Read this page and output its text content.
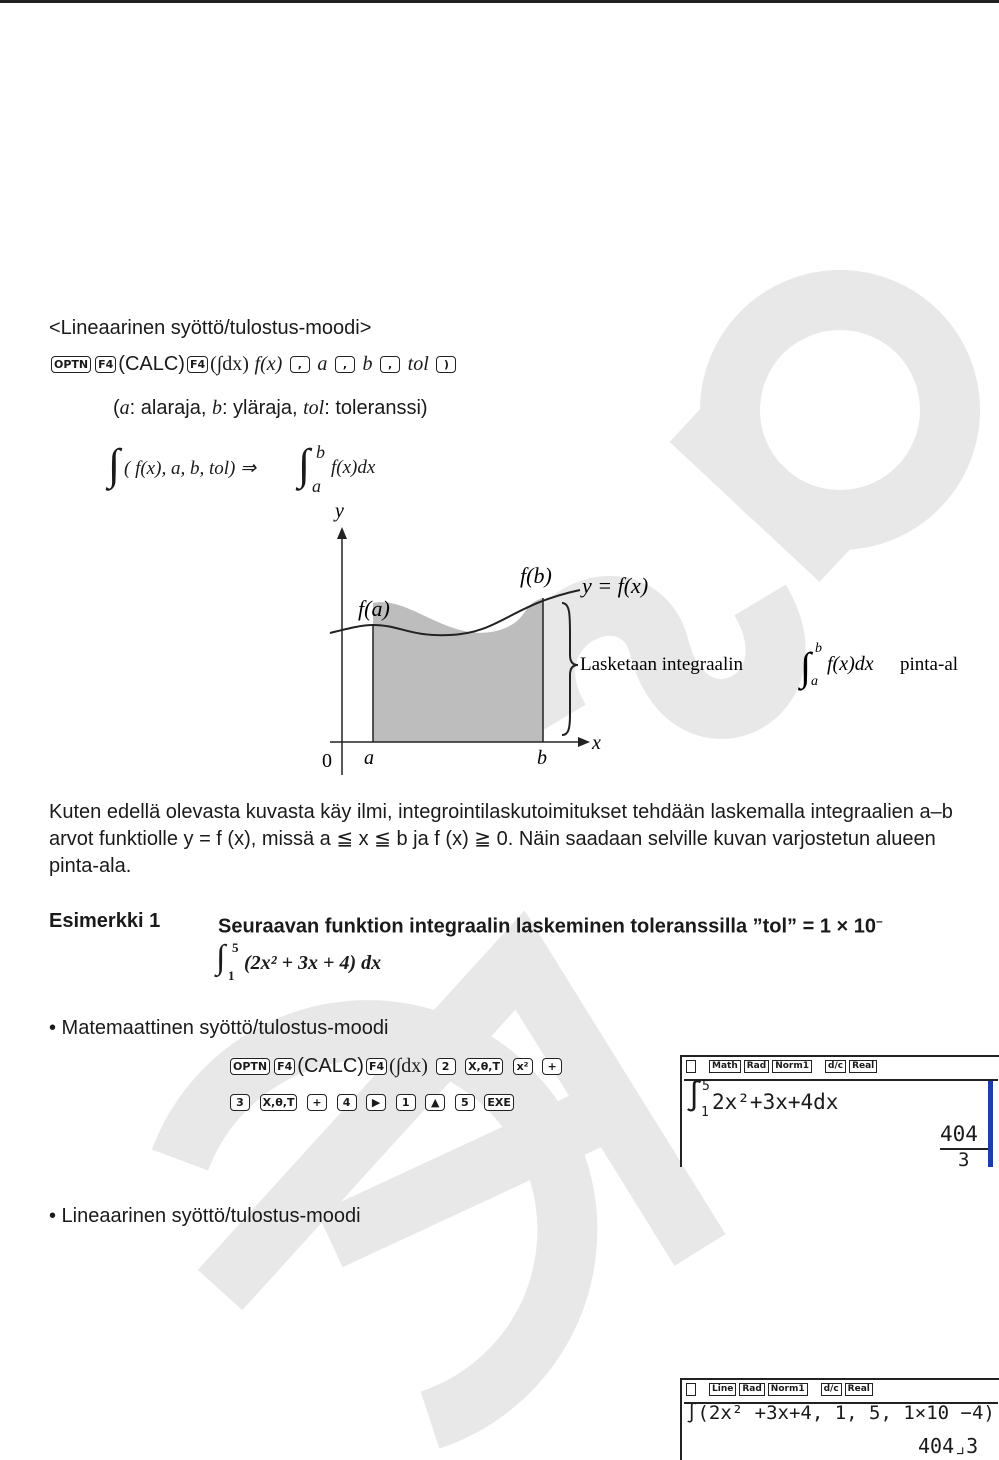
<Lineaarinen syöttö/tulostus-moodi>
OPTN F4 (CALC) F4 (∫dx) f(x) , a , b , tol )
(a: alaraja, b: yläraja, tol: toleranssi)
∫ ( f(x), a, b, tol) ⇒ ∫ b
a
f(x)dx
y
x
0 a	b
f(a)
f(b) y = f(x)
Lasketaan integraalin ∫ b
a
f(x)dx pinta-al
Kuten edellä olevasta kuvasta käy ilmi, integrointilaskutoimitukset tehdään laskemalla integraalien a–b arvot funktiolle y = f (x), missä a ≦ x ≦ b ja f (x) ≧ 0. Näin saadaan selville kuvan varjostetun alueen pinta-ala.
Esimerkki 1	Seuraavan funktion integraalin laskeminen toleranssilla ”tol” = 1 × 10–
∫ 5
1
(2x² + 3x + 4) dx
• Matemaattinen syöttö/tulostus-moodi
OPTN F4 (CALC) F4 (∫dx) 2 X,θ,T x² +
3 X,θ,T + 4 ▶ 1 ▲ 5 EXE
Math	Rad	Norm1	d/c	Real
∫
5
1 2x²+3x+4dx
404
3
• Lineaarinen syöttö/tulostus-moodi
Line	Rad	Norm1	d/c	Real
∫(2x² +3x+4, 1, 5, 1×10 −4)
404⌟3
